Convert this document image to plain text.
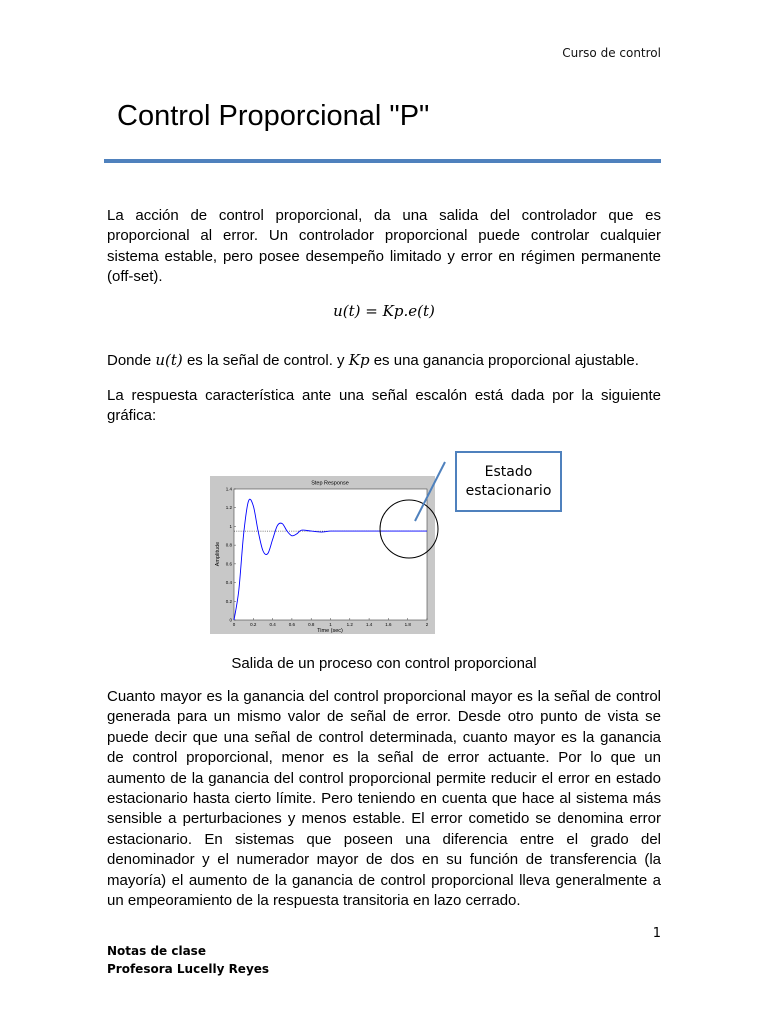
Curso de control
Control Proporcional "P"

La acción de control proporcional, da una salida del controlador que es proporcional al error. Un controlador proporcional puede controlar cualquier sistema estable, pero posee desempeño limitado y error en régimen permanente (off-set).

u(t) = Kp.e(t)

Donde u(t) es la señal de control. y Kp es una ganancia proporcional ajustable.

La respuesta característica ante una señal escalón está dada por la siguiente gráfica:

Step Response
Time (sec)
Amplitude
0	0.2	0.4	0.6	0.8	1	1.2	1.4	1.6	1.8	2
0
0.2
0.4
0.6
0.8
1
1.2
1.4
Estado
estacionario
Salida de un proceso con control proporcional

Cuanto mayor es la ganancia del control proporcional mayor es la señal de control generada para un mismo valor de señal de error. Desde otro punto de vista se puede decir que una señal de control determinada, cuanto mayor es la ganancia de control proporcional, menor es la señal de error actuante. Por lo que un aumento de la ganancia del control proporcional permite reducir el error en estado estacionario hasta cierto límite. Pero teniendo en cuenta que hace al sistema más sensible a perturbaciones y menos estable. El error cometido se denomina error estacionario. En sistemas que poseen una diferencia entre el grado del denominador y el numerador mayor de dos en su función de transferencia (la mayoría) el aumento de la ganancia de control proporcional lleva generalmente a un empeoramiento de la respuesta transitoria en lazo cerrado.

1
Notas de clase
Profesora Lucelly Reyes
